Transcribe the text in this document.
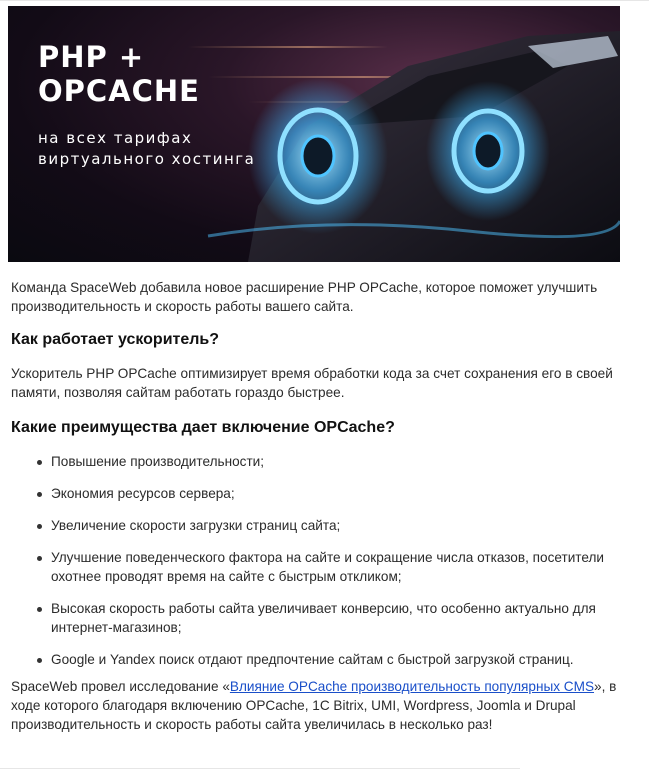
PHP +
OPCACHE
на всех тарифах
виртуального хостинга

Команда SpaceWeb добавила новое расширение PHP OPCache, которое поможет улучшить производительность и скорость работы вашего сайта.

Как работает ускоритель?

Ускоритель PHP OPCache оптимизирует время обработки кода за счет сохранения его в своей памяти, позволяя сайтам работать гораздо быстрее.

Какие преимущества дает включение OPCache?
Повышение производительности;
Экономия ресурсов сервера;
Увеличение скорости загрузки страниц сайта;
Улучшение поведенческого фактора на сайте и сокращение числа отказов, посетители охотнее проводят время на сайте с быстрым откликом;
Высокая скорость работы сайта увеличивает конверсию, что особенно актуально для интернет-магазинов;
Google и Yandex поиск отдают предпочтение сайтам с быстрой загрузкой страниц.

SpaceWeb провел исследование «Влияние OPCache производительность популярных CMS», в ходе которого благодаря включению OPCache, 1C Bitrix, UMI, Wordpress, Joomla и Drupal производительность и скорость работы сайта увеличилась в несколько раз!
